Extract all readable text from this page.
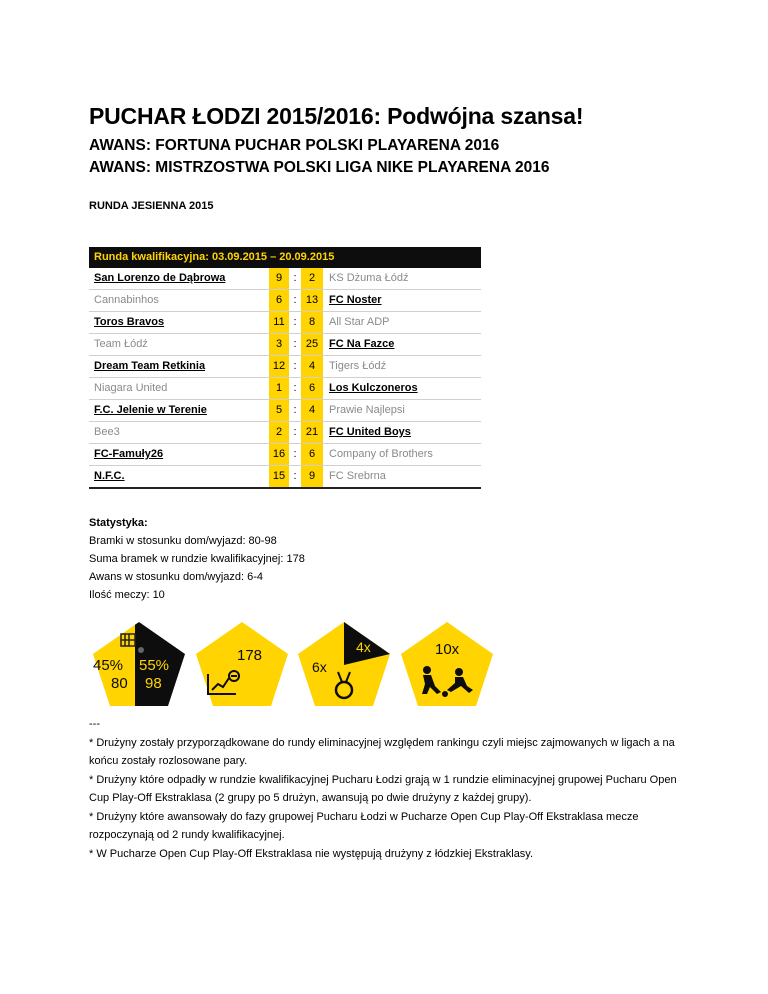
PUCHAR ŁODZI 2015/2016: Podwójna szansa!
AWANS: FORTUNA PUCHAR POLSKI PLAYARENA 2016
AWANS: MISTRZOSTWA POLSKI LIGA NIKE PLAYARENA 2016
RUNDA JESIENNA 2015
Runda kwalifikacyjna: 03.09.2015 – 20.09.2015
San Lorenzo de Dąbrowa	9	:	2	KS Dżuma Łódź
Cannabinhos	6	: 13 FC Noster
Toros Bravos	11 :	8	All Star ADP
Team Łódź	3	: 25 FC Na Fazce
Dream Team Retkinia	12 :	4	Tigers Łódź
Niagara United	1	:	6	Los Kulczoneros
F.C. Jelenie w Terenie	5	:	4	Prawie Najlepsi
Bee3	2	: 21 FC United Boys
FC-Famuły26	16 :	6	Company of Brothers
N.F.C.	15 :	9	FC Srebrna
Statystyka:
Bramki w stosunku dom/wyjazd: 80-98
Suma bramek w rundzie kwalifikacyjnej: 178
Awans w stosunku dom/wyjazd: 6-4
Ilość meczy: 10
45% 55%
80 98
178	4x
6x
10x
---
* Drużyny zostały przyporządkowane do rundy eliminacyjnej względem rankingu czyli miejsc zajmowanych w ligach a na końcu zostały rozlosowane pary.
* Drużyny które odpadły w rundzie kwalifikacyjnej Pucharu Łodzi grają w 1 rundzie eliminacyjnej grupowej Pucharu Open Cup Play-Off Ekstraklasa (2 grupy po 5 drużyn, awansują po dwie drużyny z każdej grupy).
* Drużyny które awansowały do fazy grupowej Pucharu Łodzi w Pucharze Open Cup Play-Off Ekstraklasa mecze rozpoczynają od 2 rundy kwalifikacyjnej.
* W Pucharze Open Cup Play-Off Ekstraklasa nie występują drużyny z łódzkiej Ekstraklasy.
